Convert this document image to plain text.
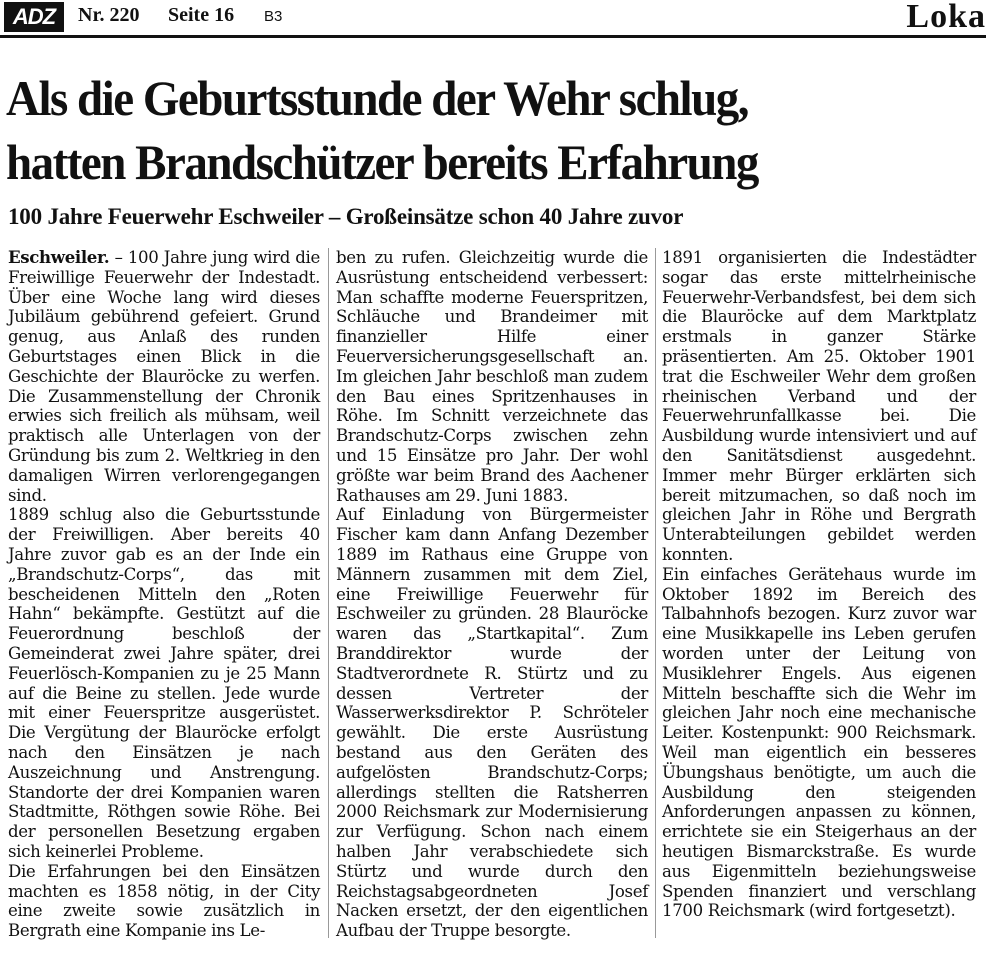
ADZ	Nr. 220 Seite 16 B3	Loka
Als die Geburtsstunde der Wehr schlug,
hatten Brandschützer bereits Erfahrung
100 Jahre Feuerwehr Eschweiler – Großeinsätze schon 40 Jahre zuvor

Eschweiler. – 100 Jahre jung wird die Freiwillige Feuerwehr der Indestadt. Über eine Woche lang wird dieses Jubiläum gebührend gefeiert. Grund genug, aus Anlaß des runden Geburtstages einen Blick in die Geschichte der Blauröcke zu werfen. Die Zusammenstellung der Chronik erwies sich freilich als mühsam, weil praktisch alle Unterlagen von der Gründung bis zum 2. Weltkrieg in den damaligen Wirren verlorengegangen sind.

1889 schlug also die Geburtsstunde der Freiwilligen. Aber bereits 40 Jahre zuvor gab es an der Inde ein „Brandschutz-Corps“, das mit bescheidenen Mitteln den „Roten Hahn“ bekämpfte. Gestützt auf die Feuerordnung beschloß der Gemeinderat zwei Jahre später, drei Feuerlösch-Kompanien zu je 25 Mann auf die Beine zu stellen. Jede wurde mit einer Feuerspritze ausgerüstet. Die Vergütung der Blauröcke erfolgt nach den Einsätzen je nach Auszeichnung und Anstrengung. Standorte der drei Kompanien waren Stadtmitte, Röthgen sowie Röhe. Bei der personellen Besetzung ergaben sich keinerlei Probleme.

Die Erfahrungen bei den Einsätzen machten es 1858 nötig, in der City eine zweite sowie zusätzlich in Bergrath eine Kompanie ins Le-

ben zu rufen. Gleichzeitig wurde die Ausrüstung entscheidend verbessert: Man schaffte moderne Feuerspritzen, Schläuche und Brandeimer mit finanzieller Hilfe einer Feuerversicherungsgesellschaft an. Im gleichen Jahr beschloß man zudem den Bau eines Spritzenhauses in Röhe. Im Schnitt verzeichnete das Brandschutz-Corps zwischen zehn und 15 Einsätze pro Jahr. Der wohl größte war beim Brand des Aachener Rathauses am 29. Juni 1883.

Auf Einladung von Bürgermeister Fischer kam dann Anfang Dezember 1889 im Rathaus eine Gruppe von Männern zusammen mit dem Ziel, eine Freiwillige Feuerwehr für Eschweiler zu gründen. 28 Blauröcke waren das „Startkapital“. Zum Branddirektor wurde der Stadtverordnete R. Stürtz und zu dessen Vertreter der Wasserwerksdirektor P. Schröteler gewählt. Die erste Ausrüstung bestand aus den Geräten des aufgelösten Brandschutz-Corps; allerdings stellten die Ratsherren 2000 Reichsmark zur Modernisierung zur Verfügung. Schon nach einem halben Jahr verabschiedete sich Stürtz und wurde durch den Reichstagsabgeordneten Josef Nacken ersetzt, der den eigentlichen Aufbau der Truppe besorgte.

1891 organisierten die Indestädter sogar das erste mittelrheinische Feuerwehr-Verbandsfest, bei dem sich die Blauröcke auf dem Marktplatz erstmals in ganzer Stärke präsentierten. Am 25. Oktober 1901 trat die Eschweiler Wehr dem großen rheinischen Verband und der Feuerwehrunfallkasse bei. Die Ausbildung wurde intensiviert und auf den Sanitätsdienst ausgedehnt. Immer mehr Bürger erklärten sich bereit mitzumachen, so daß noch im gleichen Jahr in Röhe und Bergrath Unterabteilungen gebildet werden konnten.

Ein einfaches Gerätehaus wurde im Oktober 1892 im Bereich des Talbahnhofs bezogen. Kurz zuvor war eine Musikkapelle ins Leben gerufen worden unter der Leitung von Musiklehrer Engels. Aus eigenen Mitteln beschaffte sich die Wehr im gleichen Jahr noch eine mechanische Leiter. Kostenpunkt: 900 Reichsmark. Weil man eigentlich ein besseres Übungshaus benötigte, um auch die Ausbildung den steigenden Anforderungen anpassen zu können, errichtete sie ein Steigerhaus an der heutigen Bismarckstraße. Es wurde aus Eigenmitteln beziehungsweise Spenden finanziert und verschlang 1700 Reichsmark (wird fortgesetzt).
